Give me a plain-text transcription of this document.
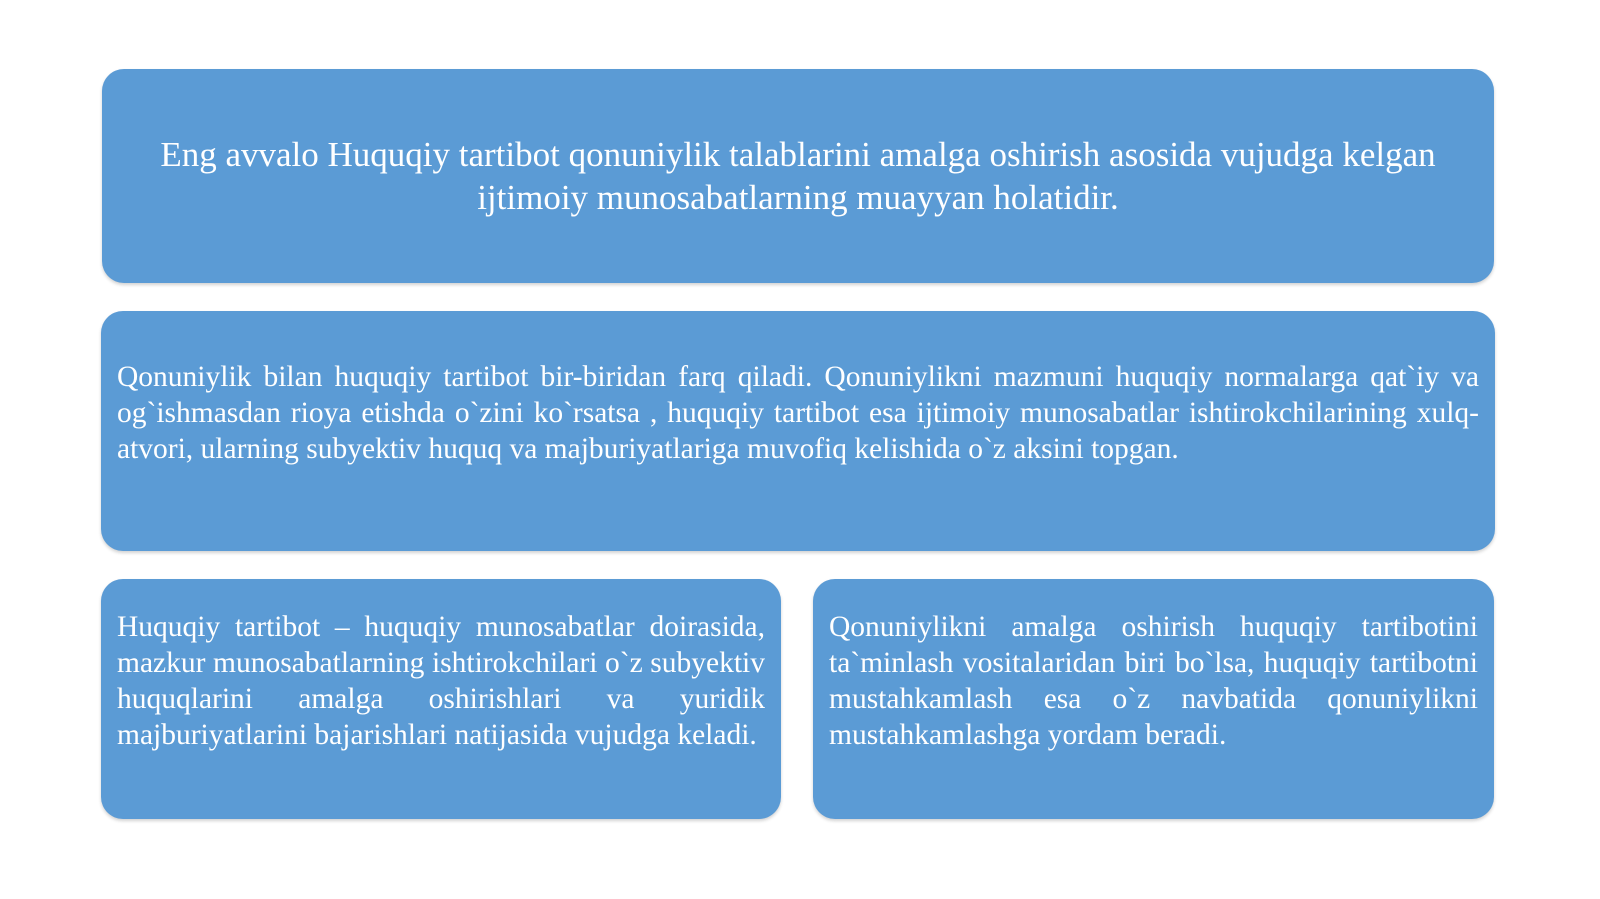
Eng avvalo Huquqiy tartibot qonuniylik talablarini amalga oshirish asosida vujudga kelgan ijtimoiy munosabatlarning muayyan holatidir.
Qonuniylik bilan huquqiy tartibot bir-biridan farq qiladi. Qonuniylikni mazmuni huquqiy normalarga qat`iy va og`ishmasdan rioya etishda o`zini ko`rsatsa , huquqiy tartibot esa ijtimoiy munosabatlar ishtirokchilarining xulq-atvori, ularning subyektiv huquq va majburiyatlariga muvofiq kelishida o`z aksini topgan.
Huquqiy tartibot – huquqiy munosabatlar doirasida, mazkur munosabatlarning ishtirokchilari o`z subyektiv huquqlarini amalga oshirishlari va yuridik majburiyatlarini bajarishlari natijasida vujudga keladi.
Qonuniylikni amalga oshirish huquqiy tartibotini ta`minlash vositalaridan biri bo`lsa, huquqiy tartibotni mustahkamlash esa o`z navbatida qonuniylikni mustahkamlashga yordam beradi.
